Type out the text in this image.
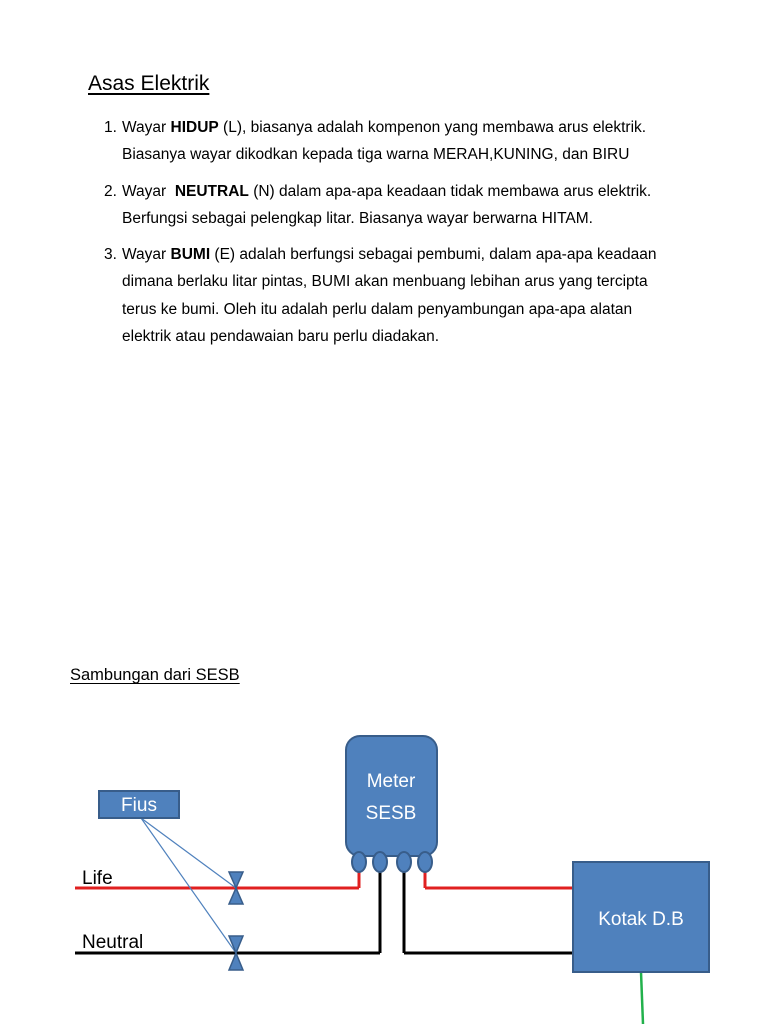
Asas Elektrik
1. Wayar HIDUP (L), biasanya adalah kompenon yang membawa arus elektrik. Biasanya wayar dikodkan kepada tiga warna MERAH,KUNING, dan BIRU
2. Wayar  NEUTRAL (N) dalam apa-apa keadaan tidak membawa arus elektrik. Berfungsi sebagai pelengkap litar. Biasanya wayar berwarna HITAM.
3. Wayar BUMI (E) adalah berfungsi sebagai pembumi, dalam apa-apa keadaan dimana berlaku litar pintas, BUMI akan menbuang lebihan arus yang tercipta terus ke bumi. Oleh itu adalah perlu dalam penyambungan apa-apa alatan elektrik atau pendawaian baru perlu diadakan.
Sambungan dari SESB
Fius
Meter
SESB
Kotak D.B
Life
Neutral
